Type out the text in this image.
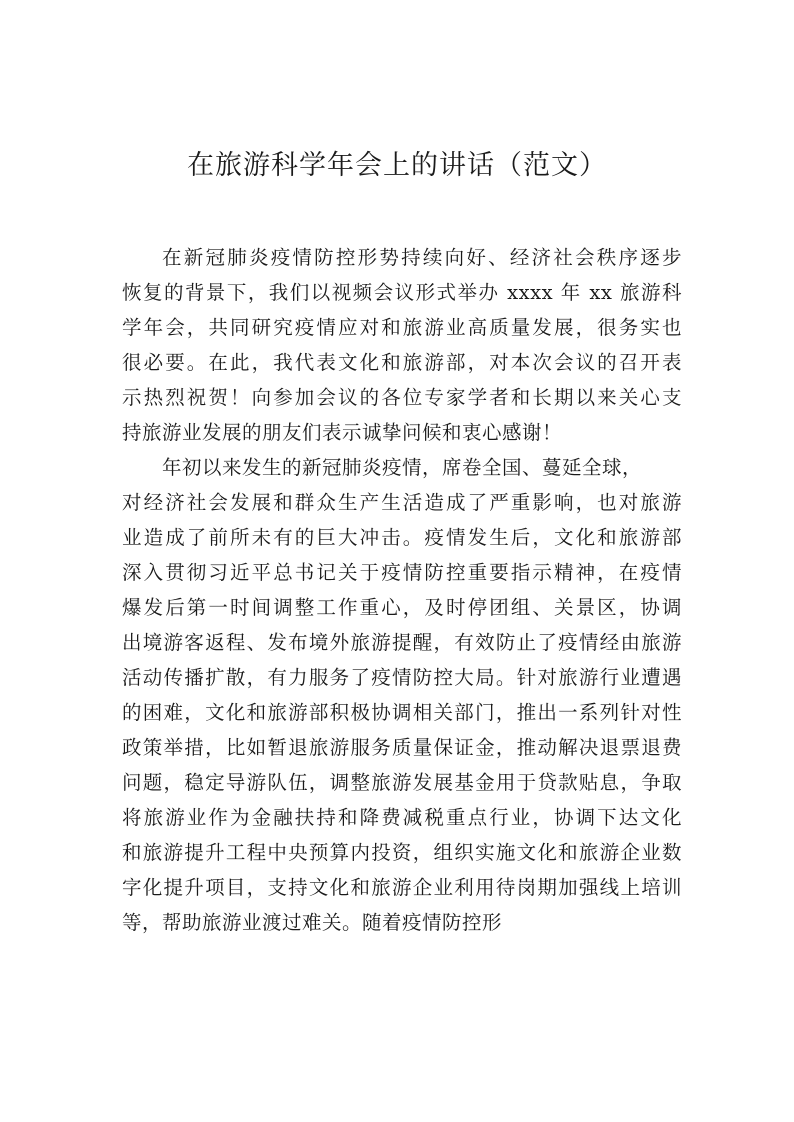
在旅游科学年会上的讲话（范文）
在新冠肺炎疫情防控形势持续向好、经济社会秩序逐步
恢复的背景下，我们以视频会议形式举办 xxxx 年 xx 旅游科
学年会，共同研究疫情应对和旅游业高质量发展，很务实也
很必要。在此，我代表文化和旅游部，对本次会议的召开表
示热烈祝贺！向参加会议的各位专家学者和长期以来关心支
持旅游业发展的朋友们表示诚挚问候和衷心感谢！
年初以来发生的新冠肺炎疫情，席卷全国、蔓延全球，
对经济社会发展和群众生产生活造成了严重影响，也对旅游
业造成了前所未有的巨大冲击。疫情发生后，文化和旅游部
深入贯彻习近平总书记关于疫情防控重要指示精神，在疫情
爆发后第一时间调整工作重心，及时停团组、关景区，协调
出境游客返程、发布境外旅游提醒，有效防止了疫情经由旅游
活动传播扩散，有力服务了疫情防控大局。针对旅游行业遭遇
的困难，文化和旅游部积极协调相关部门，推出一系列针对性
政策举措，比如暂退旅游服务质量保证金，推动解决退票退费
问题，稳定导游队伍，调整旅游发展基金用于贷款贴息，争取
将旅游业作为金融扶持和降费减税重点行业，协调下达文化
和旅游提升工程中央预算内投资，组织实施文化和旅游企业数
字化提升项目，支持文化和旅游企业利用待岗期加强线上培训
等，帮助旅游业渡过难关。随着疫情防控形
